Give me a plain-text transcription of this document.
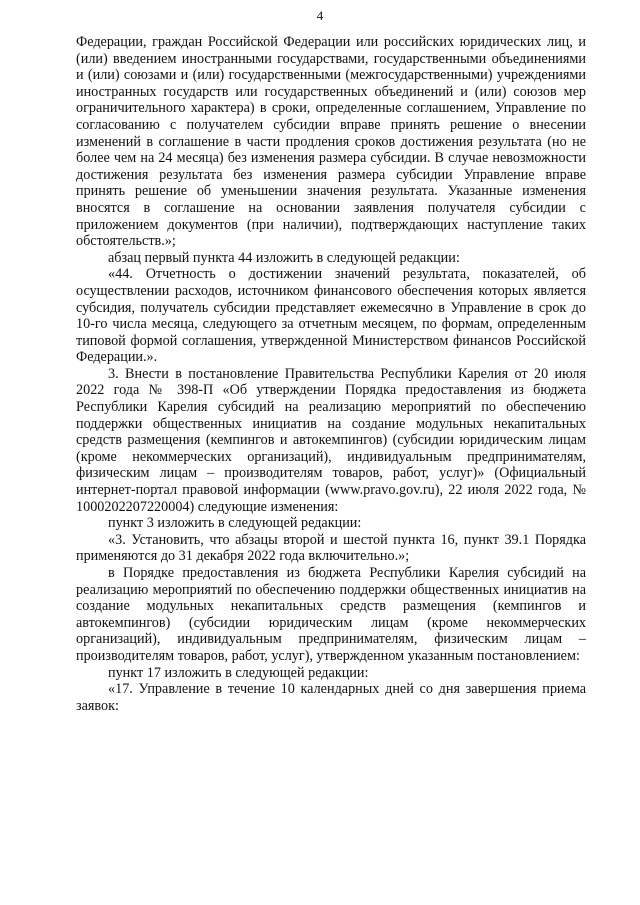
4

Федерации, граждан Российской Федерации или российских юридических лиц, и (или) введением иностранными государствами, государственными объединениями и (или) союзами и (или) государственными (межгосударственными) учреждениями иностранных государств или государственных объединений и (или) союзов мер ограничительного характера) в сроки, определенные соглашением, Управление по согласованию с получателем субсидии вправе принять решение о внесении изменений в соглашение в части продления сроков достижения результата (но не более чем на 24 месяца) без изменения размера субсидии. В случае невозможности достижения результата без изменения размера субсидии Управление вправе принять решение об уменьшении значения результата. Указанные изменения вносятся в соглашение на основании заявления получателя субсидии с приложением документов (при наличии), подтверждающих наступление таких обстоятельств.»;

абзац первый пункта 44 изложить в следующей редакции:

«44. Отчетность о достижении значений результата, показателей, об осуществлении расходов, источником финансового обеспечения которых является субсидия, получатель субсидии представляет ежемесячно в Управление в срок до 10-го числа месяца, следующего за отчетным месяцем, по формам, определенным типовой формой соглашения, утвержденной Министерством финансов Российской Федерации.».

3. Внести в постановление Правительства Республики Карелия от 20 июля 2022 года № 398-П «Об утверждении Порядка предоставления из бюджета Республики Карелия субсидий на реализацию мероприятий по обеспечению поддержки общественных инициатив на создание модульных некапитальных средств размещения (кемпингов и автокемпингов) (субсидии юридическим лицам (кроме некоммерческих организаций), индивидуальным предпринимателям, физическим лицам – производителям товаров, работ, услуг)» (Официальный интернет-портал правовой информации (www.pravo.gov.ru), 22 июля 2022 года, № 1000202207220004) следующие изменения:

пункт 3 изложить в следующей редакции:

«3. Установить, что абзацы второй и шестой пункта 16, пункт 39.1 Порядка применяются до 31 декабря 2022 года включительно.»;

в Порядке предоставления из бюджета Республики Карелия субсидий на реализацию мероприятий по обеспечению поддержки общественных инициатив на создание модульных некапитальных средств размещения (кемпингов и автокемпингов) (субсидии юридическим лицам (кроме некоммерческих организаций), индивидуальным предпринимателям, физическим лицам – производителям товаров, работ, услуг), утвержденном указанным постановлением:

пункт 17 изложить в следующей редакции:

«17. Управление в течение 10 календарных дней со дня завершения приема заявок:
